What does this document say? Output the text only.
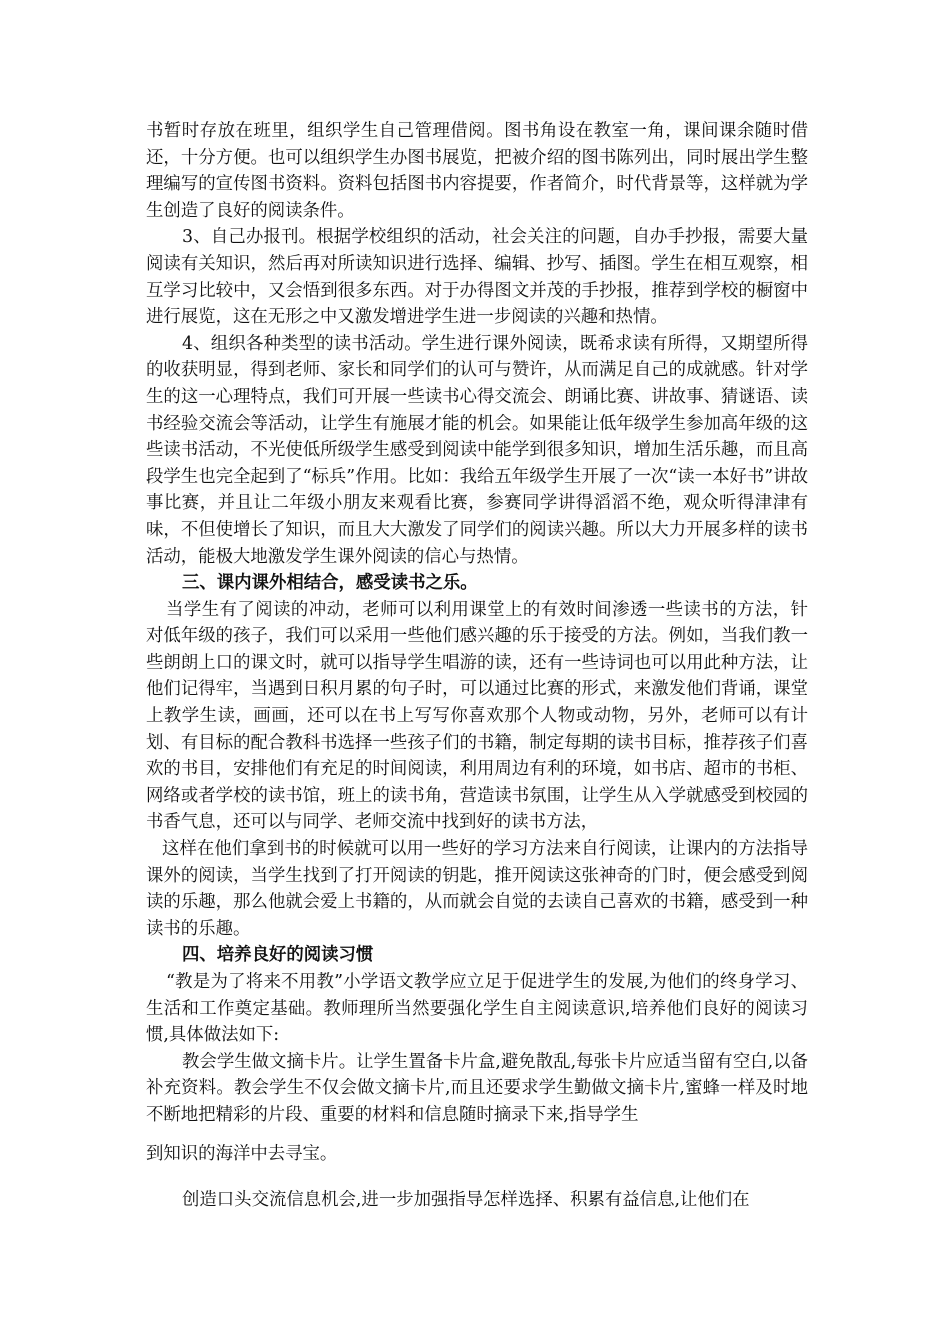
书暂时存放在班里，组织学生自己管理借阅。图书角设在教室一角，课间课余随时借还，十分方便。也可以组织学生办图书展览，把被介绍的图书陈列出，同时展出学生整理编写的宣传图书资料。资料包括图书内容提要，作者简介，时代背景等，这样就为学生创造了良好的阅读条件。

3、自己办报刊。根据学校组织的活动，社会关注的问题，自办手抄报，需要大量阅读有关知识，然后再对所读知识进行选择、编辑、抄写、插图。学生在相互观察，相互学习比较中，又会悟到很多东西。对于办得图文并茂的手抄报，推荐到学校的橱窗中进行展览，这在无形之中又激发增进学生进一步阅读的兴趣和热情。

4、组织各种类型的读书活动。学生进行课外阅读，既希求读有所得，又期望所得的收获明显，得到老师、家长和同学们的认可与赞许，从而满足自己的成就感。针对学生的这一心理特点，我们可开展一些读书心得交流会、朗诵比赛、讲故事、猜谜语、读书经验交流会等活动，让学生有施展才能的机会。如果能让低年级学生参加高年级的这些读书活动，不光使低所级学生感受到阅读中能学到很多知识，增加生活乐趣，而且高段学生也完全起到了“标兵”作用。比如：我给五年级学生开展了一次“读一本好书”讲故事比赛，并且让二年级小朋友来观看比赛，参赛同学讲得滔滔不绝，观众听得津津有味，不但使增长了知识，而且大大激发了同学们的阅读兴趣。所以大力开展多样的读书活动，能极大地激发学生课外阅读的信心与热情。

三、课内课外相结合，感受读书之乐。

当学生有了阅读的冲动，老师可以利用课堂上的有效时间渗透一些读书的方法，针对低年级的孩子，我们可以采用一些他们感兴趣的乐于接受的方法。例如，当我们教一些朗朗上口的课文时，就可以指导学生唱游的读，还有一些诗词也可以用此种方法，让他们记得牢，当遇到日积月累的句子时，可以通过比赛的形式，来激发他们背诵，课堂上教学生读，画画，还可以在书上写写你喜欢那个人物或动物，另外，老师可以有计划、有目标的配合教科书选择一些孩子们的书籍，制定每期的读书目标，推荐孩子们喜欢的书目，安排他们有充足的时间阅读，利用周边有利的环境，如书店、超市的书柜、网络或者学校的读书馆，班上的读书角，营造读书氛围，让学生从入学就感受到校园的书香气息，还可以与同学、老师交流中找到好的读书方法，

这样在他们拿到书的时候就可以用一些好的学习方法来自行阅读，让课内的方法指导课外的阅读，当学生找到了打开阅读的钥匙，推开阅读这张神奇的门时，便会感受到阅读的乐趣，那么他就会爱上书籍的，从而就会自觉的去读自己喜欢的书籍，感受到一种读书的乐趣。

四、培养良好的阅读习惯

“教是为了将来不用教”小学语文教学应立足于促进学生的发展,为他们的终身学习、生活和工作奠定基础。教师理所当然要强化学生自主阅读意识,培养他们良好的阅读习惯,具体做法如下:

教会学生做文摘卡片。让学生置备卡片盒,避免散乱,每张卡片应适当留有空白,以备补充资料。教会学生不仅会做文摘卡片,而且还要求学生勤做文摘卡片,蜜蜂一样及时地不断地把精彩的片段、重要的材料和信息随时摘录下来,指导学生

到知识的海洋中去寻宝。

创造口头交流信息机会,进一步加强指导怎样选择、积累有益信息,让他们在
